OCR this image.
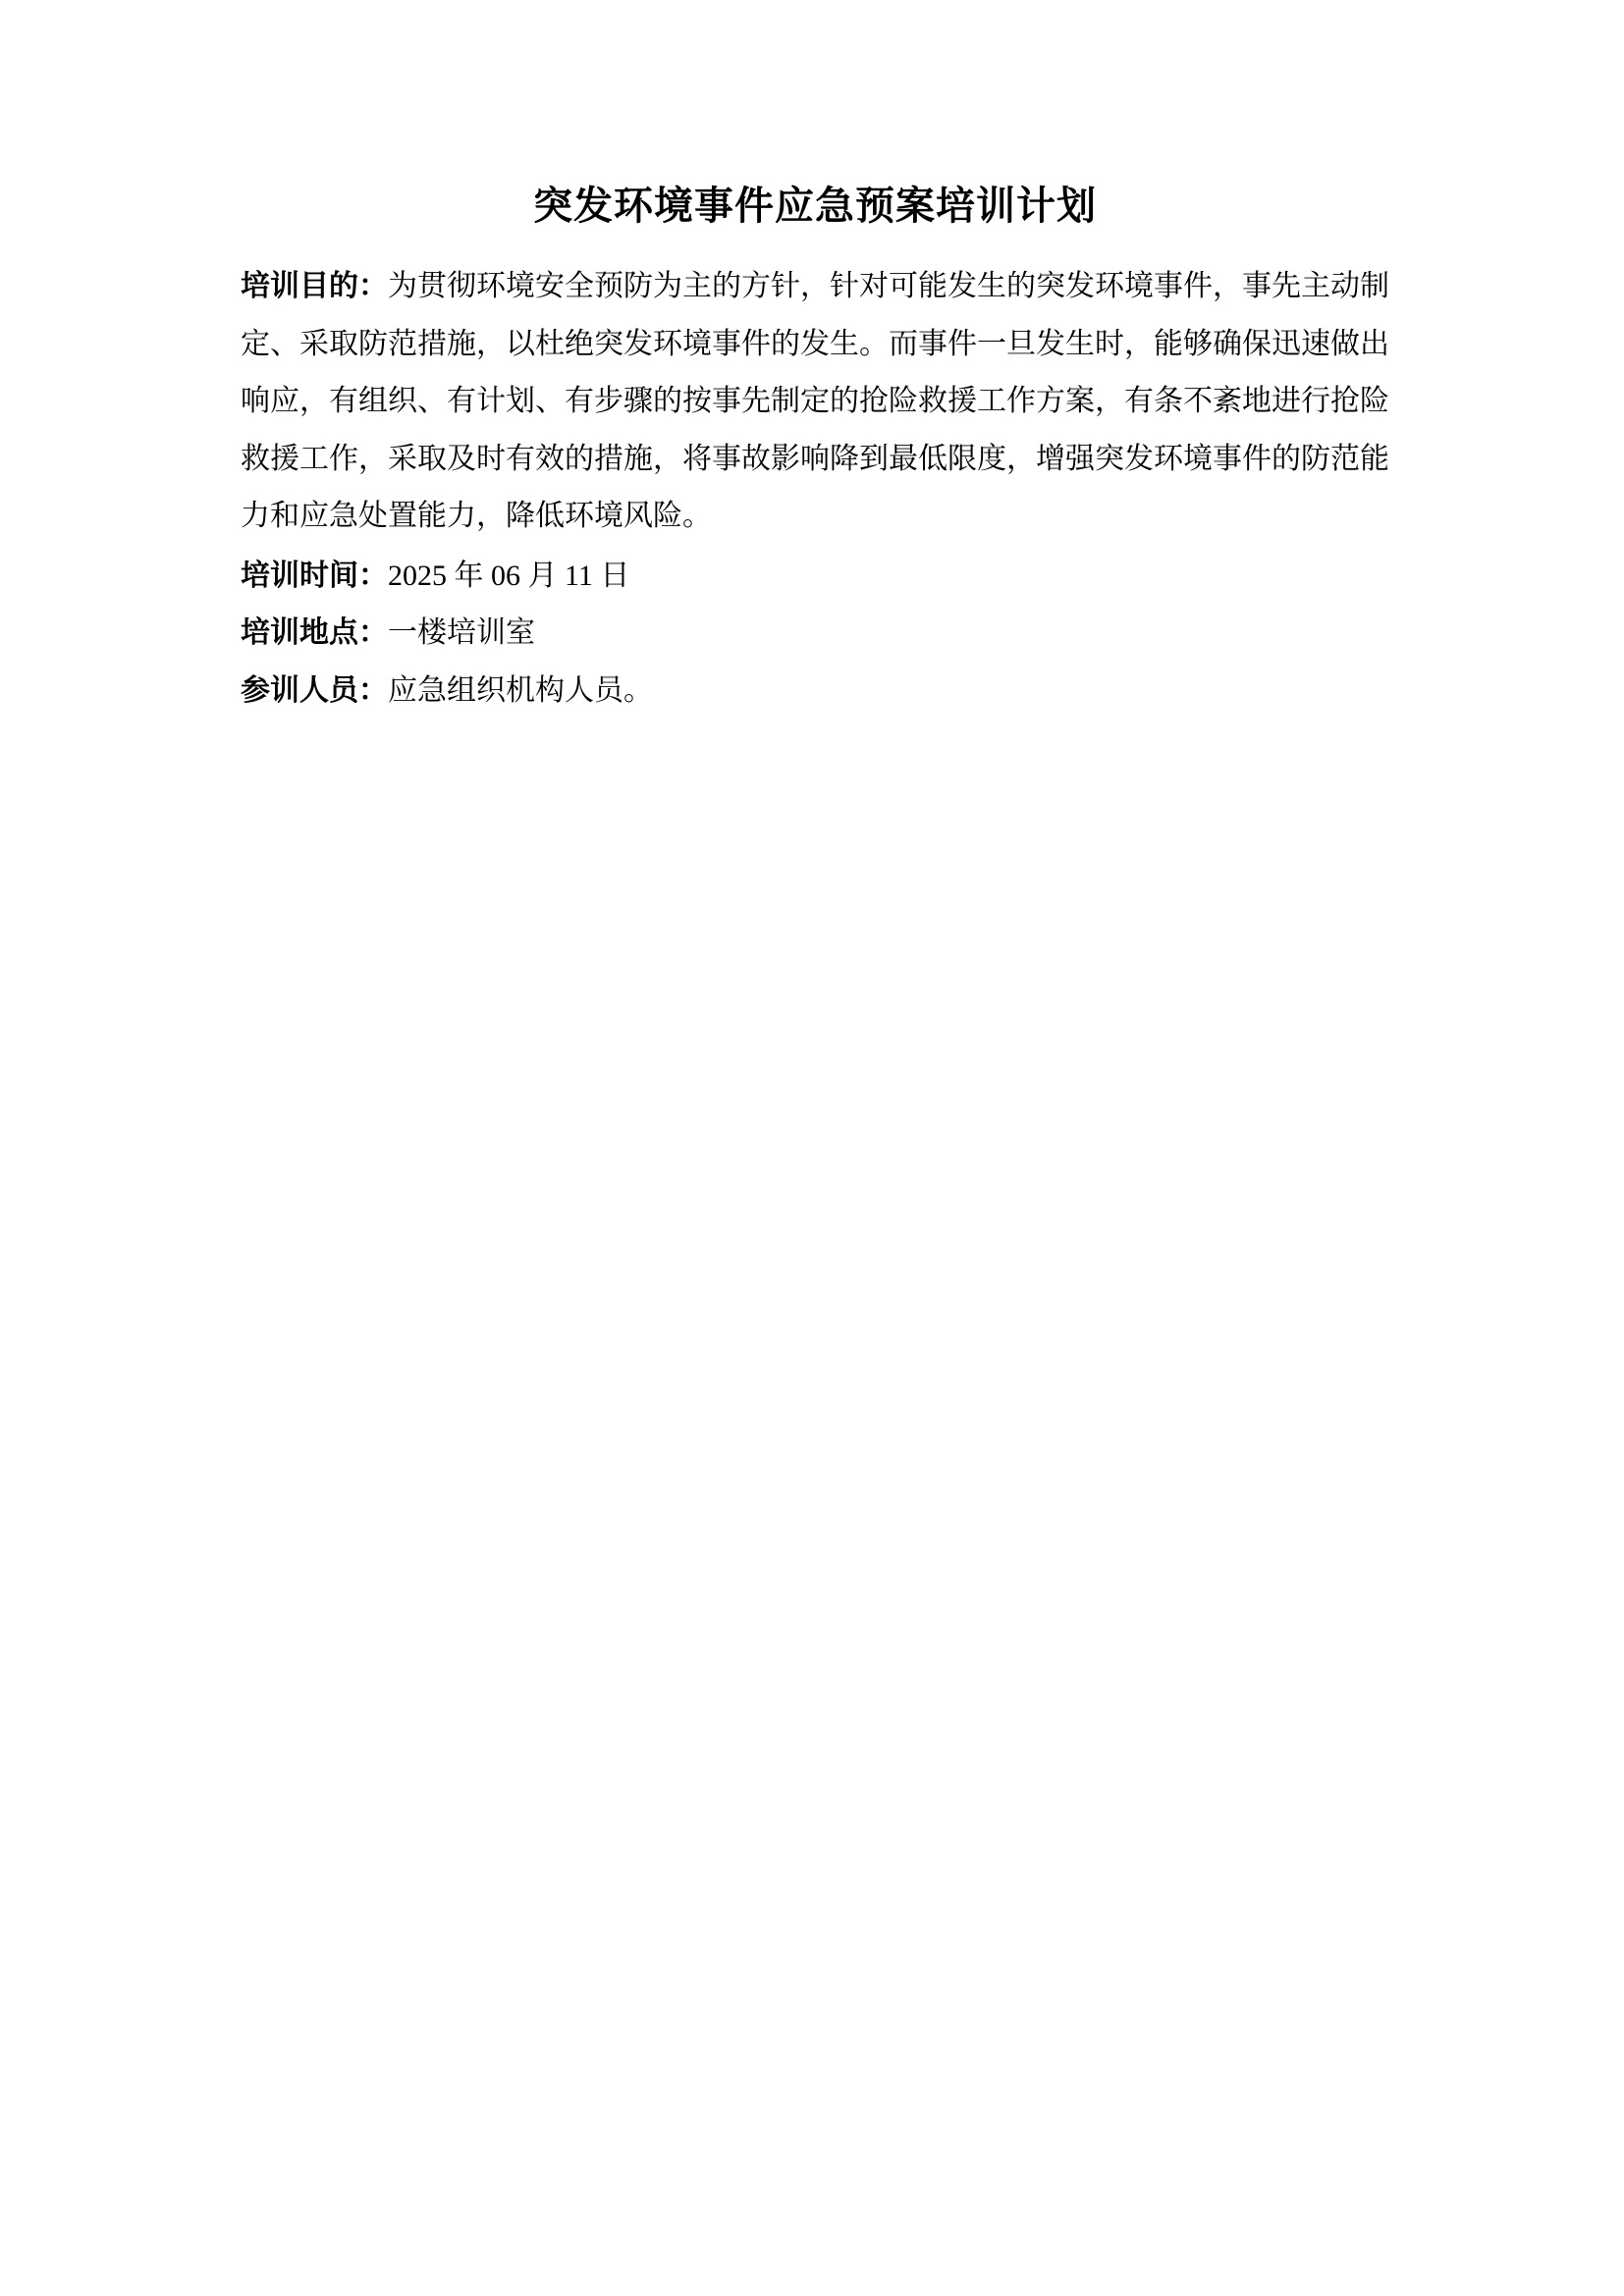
突发环境事件应急预案培训计划

培训目的：为贯彻环境安全预防为主的方针，针对可能发生的突发环境事件，事先主动制定、采取防范措施，以杜绝突发环境事件的发生。而事件一旦发生时，能够确保迅速做出响应，有组织、有计划、有步骤的按事先制定的抢险救援工作方案，有条不紊地进行抢险救援工作，采取及时有效的措施，将事故影响降到最低限度，增强突发环境事件的防范能力和应急处置能力，降低环境风险。

培训时间：2025 年 06 月 11 日

培训地点：一楼培训室

参训人员：应急组织机构人员。
